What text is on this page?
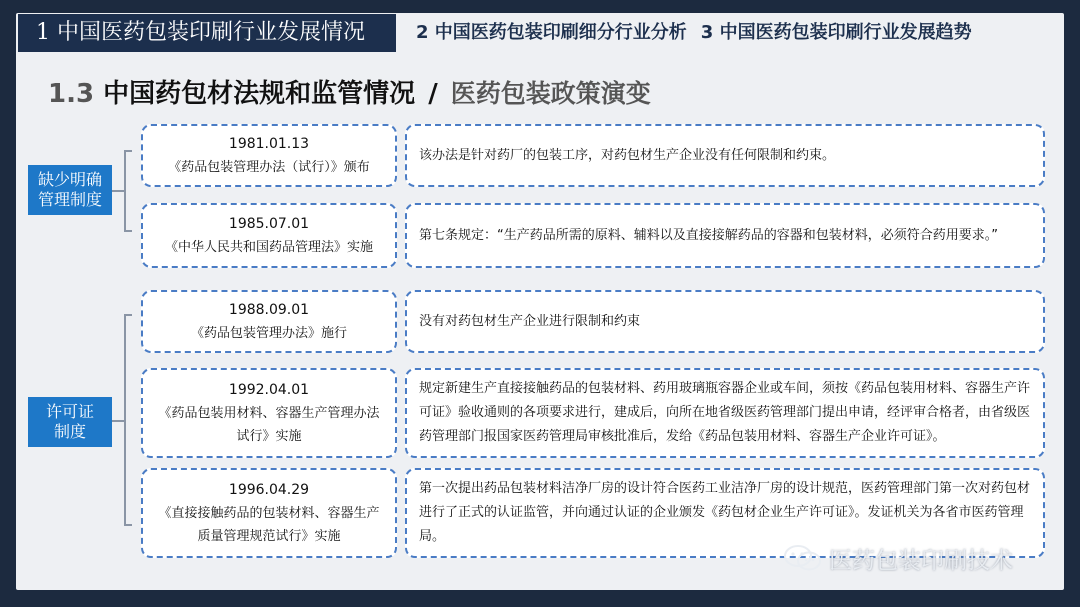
1 中国医药包装印刷行业发展情况	2 中国医药包装印刷细分行业分析 3 中国医药包装印刷行业发展趋势
1.3 中国药包材法规和监管情况 / 医药包装政策演变
缺少明确
管理制度
许可证
制度
1981.01.13
《药品包装管理办法（试行）》颁布
该办法是针对药厂的包装工序，对药包材生产企业没有任何限制和约束。
1985.07.01
《中华人民共和国药品管理法》实施
第七条规定：“生产药品所需的原料、辅料以及直接接解药品的容器和包装材料，必须符合药用要求。”
1988.09.01
《药品包装管理办法》施行
没有对药包材生产企业进行限制和约束
1992.04.01
《药品包装用材料、容器生产管理办法
试行》实施
规定新建生产直接接触药品的包装材料、药用玻璃瓶容器企业或车间，须按《药品包装用材料、容器生产许可证》验收通则的各项要求进行，建成后，向所在地省级医药管理部门提出申请，经评审合格者，由省级医药管理部门报国家医药管理局审核批准后，发给《药品包装用材料、容器生产企业许可证》。
1996.04.29
《直接接触药品的包装材料、容器生产
质量管理规范试行》实施
第一次提出药品包装材料洁净厂房的设计符合医药工业洁净厂房的设计规范，医药管理部门第一次对药包材进行了正式的认证监管，并向通过认证的企业颁发《药包材企业生产许可证》。发证机关为各省市医药管理局。
医药包装印刷技术
